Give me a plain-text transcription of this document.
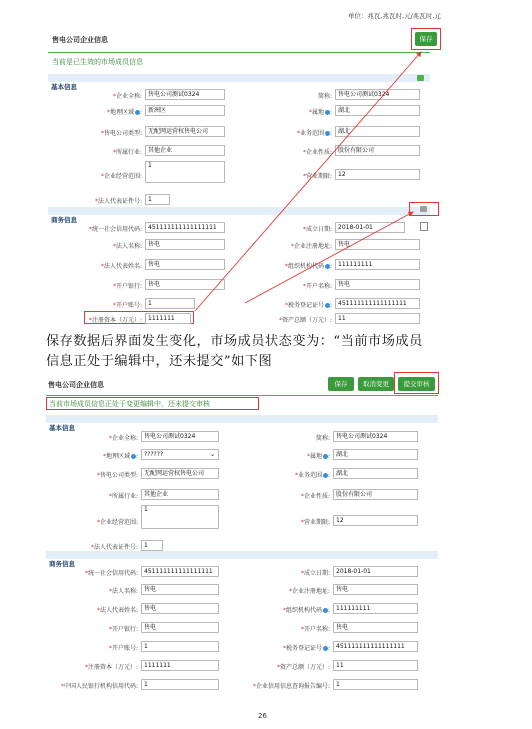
单位：兆瓦,兆瓦时,元/兆瓦时,元
售电公司企业信息	保存
当前是已生效的市场成员信息
基本信息
*企业全称:	售电公司测试0324	简称:	售电公司测试0324
*地理区域 :	新洲区	*属地 :	湖北
*售电公司类型:	无配网运营权售电公司	*业务范围 :	湖北
*所属行业:	其他企业	*企业性质:	股份有限公司
*企业经营范围:
1
*营业期限:	12
*法人代表证件号:	1
商务信息
*统一社会信用代码:	451111111111111111	*成立日期:	2018-01-01
*法人名称:	售电	*企业注册地址:	售电
*法人代表姓名:	售电	*组织机构代码 :	111111111
*开户银行:	售电	*开户名称:	售电
*开户账号:	1	*税务登记证号 :	451111111111111111
*注册资本（万元）:	1111111	*资产总额（万元）:	11
保存数据后界面发生变化，市场成员状态变为：“当前市场成员
信息正处于编辑中，还未提交”如下图
售电公司企业信息	保存	取消变更	提交审核
当前市场成员信息正处于变更编辑中，还未提交审核
基本信息
*企业全称:	售电公司测试0324	简称:	售电公司测试0324
*地理区域 :	??????	⌄	*属地 :	湖北
*售电公司类型:	无配网运营权售电公司	*业务范围 :	湖北
*所属行业:	其他企业	*企业性质:	股份有限公司
*企业经营范围:
1
*营业期限:	12
*法人代表证件号:	1
商务信息
*统一社会信用代码:	451111111111111111	*成立日期:	2018-01-01
*法人名称:	售电	*企业注册地址:	售电
*法人代表姓名:	售电	*组织机构代码 :	111111111
*开户银行:	售电	*开户名称:	售电
*开户账号:	1	*税务登记证号 :	451111111111111111
*注册资本（万元）:	1111111	*资产总额（万元）:	11
*中国人民银行机构信用代码:	1	*企业信用信息查询报告编号:	1
26
